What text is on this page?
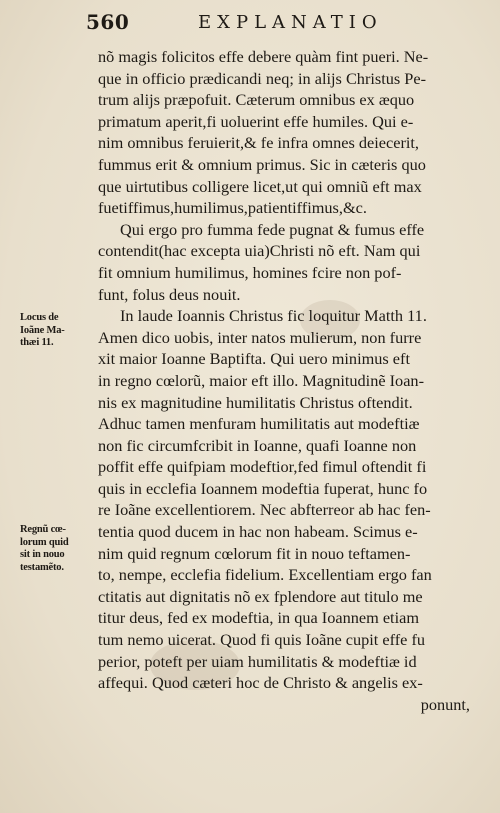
560	EXPLANATIO
Locus de
Ioãne Ma-
thæi 11.
Regnũ cœ-
lorum quid
sit in nouo
testamẽto.
nõ magis folicitos effe debere quàm fint pueri. Ne-
que in officio prædicandi neq; in alijs Christus Pe-
trum alijs præpofuit. Cæterum omnibus ex æquo
primatum aperit,fi uoluerint effe humiles. Qui e-
nim omnibus feruierit,& fe infra omnes deiecerit,
fummus erit & omnium primus. Sic in cæteris quo
que uirtutibus colligere licet,ut qui omniũ eft max
fuetiffimus,humilimus,patientiffimus,&c.
Qui ergo pro fumma fede pugnat & fumus effe
contendit(hac excepta uia)Christi nõ eft. Nam qui
fit omnium humilimus, homines fcire non pof-
funt, folus deus nouit.
In laude Ioannis Christus fic loquitur Matth 11.
Amen dico uobis, inter natos mulierum, non furre
xit maior Ioanne Baptifta. Qui uero minimus eft
in regno cœlorũ, maior eft illo. Magnitudinẽ Ioan-
nis ex magnitudine humilitatis Christus oftendit.
Adhuc tamen menfuram humilitatis aut modeftiæ
non fic circumfcribit in Ioanne, quafi Ioanne non
poffit effe quifpiam modeftior,fed fimul oftendit fi
quis in ecclefia Ioannem modeftia fuperat, hunc fo
re Ioãne excellentiorem. Nec abfterreor ab hac fen-
tentia quod ducem in hac non habeam. Scimus e-
nim quid regnum cœlorum fit in nouo teftamen-
to, nempe, ecclefia fidelium. Excellentiam ergo fan
ctitatis aut dignitatis nõ ex fplendore aut titulo me
titur deus, fed ex modeftia, in qua Ioannem etiam
tum nemo uicerat. Quod fi quis Ioãne cupit effe fu
perior, poteft per uiam humilitatis & modeftiæ id
affequi. Quod cæteri hoc de Christo & angelis ex-
ponunt,
